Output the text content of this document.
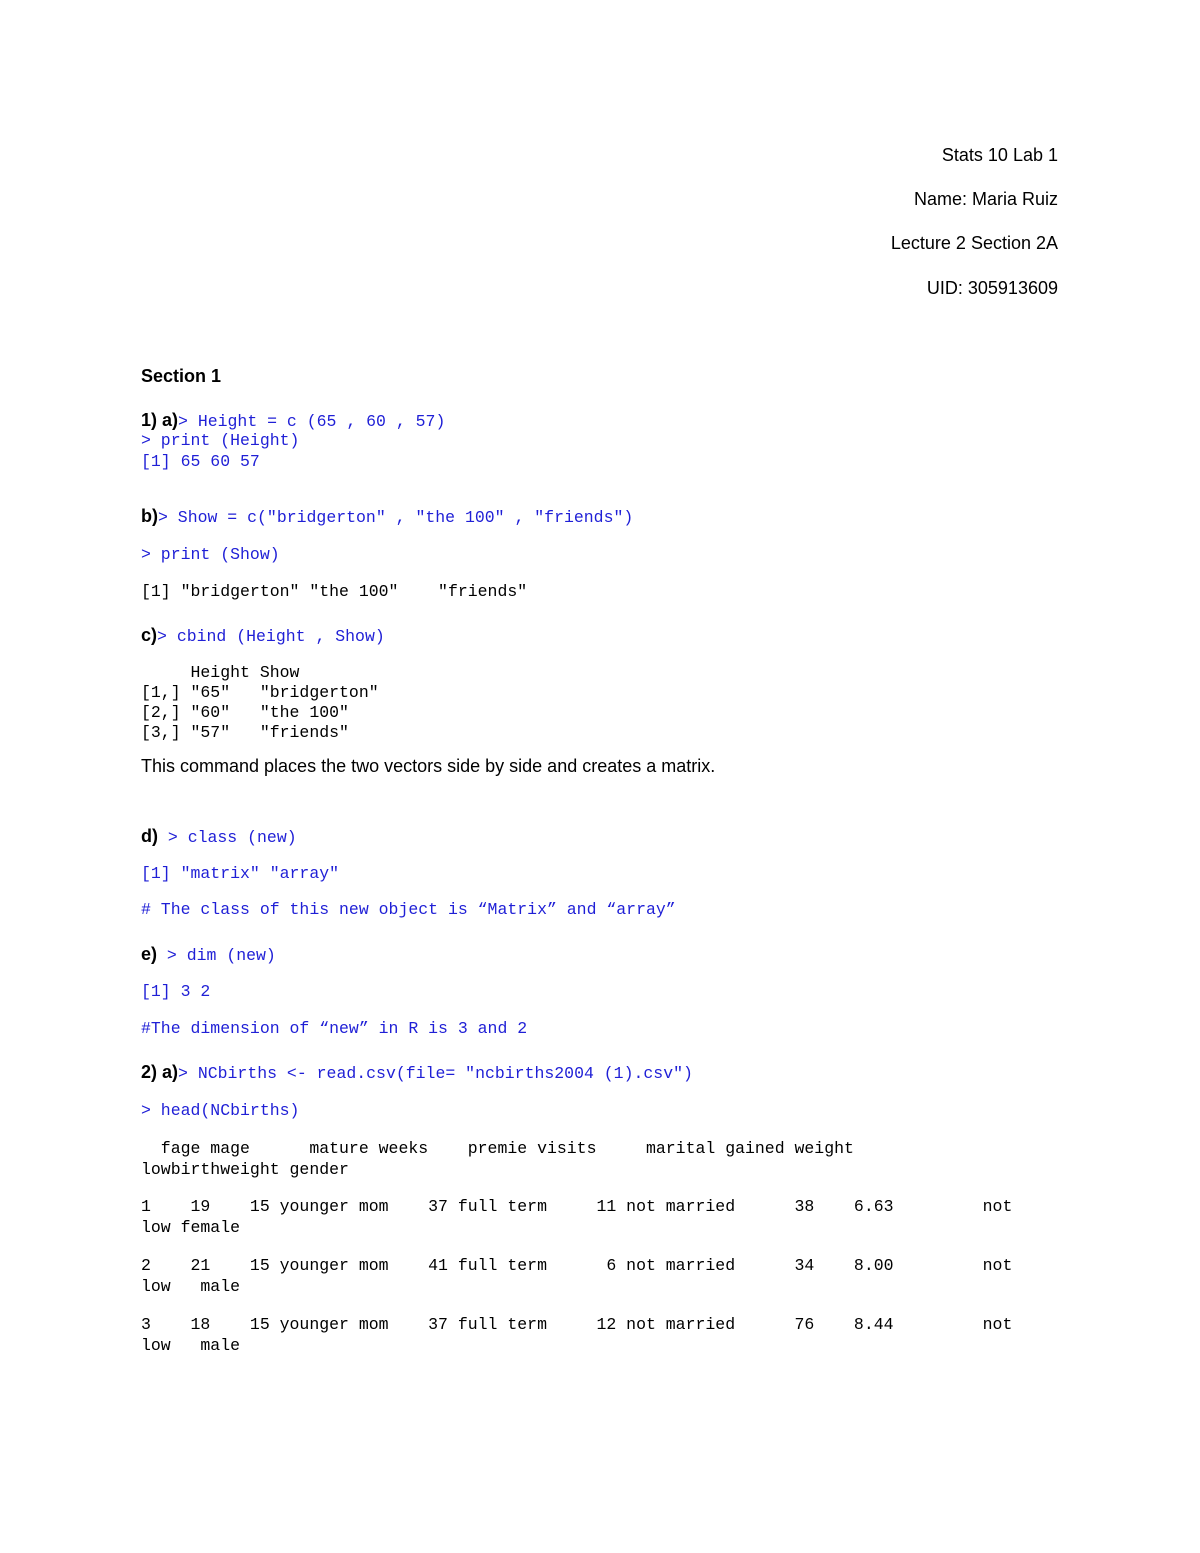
Stats 10 Lab 1
Name: Maria Ruiz
Lecture 2 Section 2A
UID: 305913609
Section 1
1) a)> Height = c (65 , 60 , 57)
> print (Height)
[1] 65 60 57
b)> Show = c("bridgerton" , "the 100" , "friends")
> print (Show)
[1] "bridgerton" "the 100"    "friends"
c)> cbind (Height , Show)
Height Show
[1,] "65"   "bridgerton"
[2,] "60"   "the 100"
[3,] "57"   "friends"
This command places the two vectors side by side and creates a matrix.
d) > class (new)
[1] "matrix" "array"
# The class of this new object is “Matrix” and “array”
e) > dim (new)
[1] 3 2
#The dimension of “new” in R is 3 and 2
2) a)> NCbirths <- read.csv(file= "ncbirths2004 (1).csv")
> head(NCbirths)
fage mage      mature weeks    premie visits     marital gained weight
lowbirthweight gender
1    19    15 younger mom    37 full term     11 not married      38    6.63         not
low female
2    21    15 younger mom    41 full term      6 not married      34    8.00         not
low   male
3    18    15 younger mom    37 full term     12 not married      76    8.44         not
low   male
